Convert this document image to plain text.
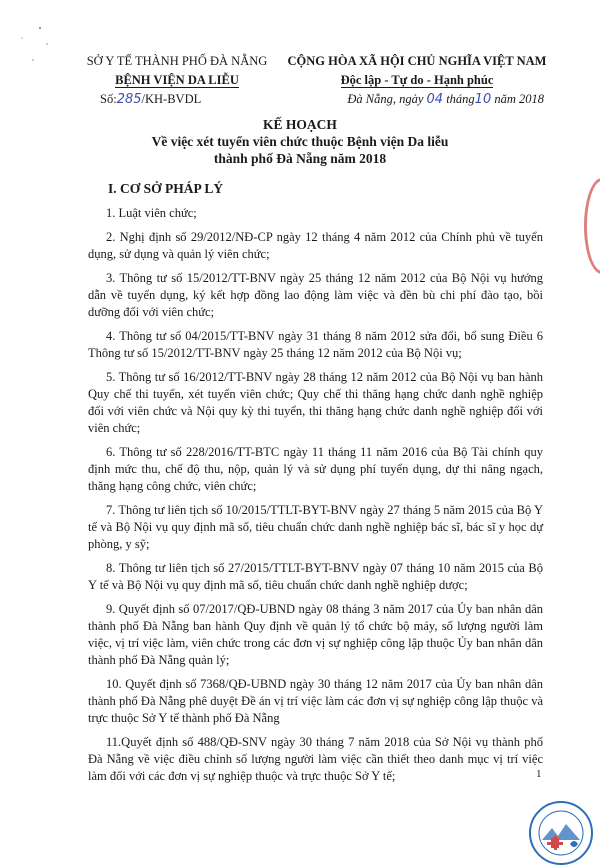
SỞ Y TẾ THÀNH PHỐ ĐÀ NẴNG
BỆNH VIỆN DA LIỄU
Số:285/KH-BVDL
CỘNG HÒA XÃ HỘI CHỦ NGHĨA VIỆT NAM
Độc lập - Tự do - Hạnh phúc
Đà Nẵng, ngày 04 tháng10 năm 2018
KẾ HOẠCH
Về việc xét tuyển viên chức thuộc Bệnh viện Da liễu
thành phố Đà Nẵng năm 2018
I. CƠ SỞ PHÁP LÝ
1. Luật viên chức;
2. Nghị định số 29/2012/NĐ-CP ngày 12 tháng 4 năm 2012 của Chính phủ về tuyển dụng, sử dụng và quản lý viên chức;
3. Thông tư số 15/2012/TT-BNV ngày 25 tháng 12 năm 2012 của Bộ Nội vụ hướng dẫn về tuyển dụng, ký kết hợp đồng lao động làm việc và đền bù chi phí đào tạo, bồi dưỡng đối với viên chức;
4. Thông tư số 04/2015/TT-BNV ngày 31 tháng 8 năm 2012 sửa đổi, bổ sung Điều 6 Thông tư số 15/2012/TT-BNV ngày 25 tháng 12 năm 2012 của Bộ Nội vụ;
5. Thông tư số 16/2012/TT-BNV ngày 28 tháng 12 năm 2012 của Bộ Nội vụ ban hành Quy chế thi tuyển, xét tuyển viên chức; Quy chế thi thăng hạng chức danh nghề nghiệp đối với viên chức và Nội quy kỳ thi tuyển, thi thăng hạng chức danh nghề nghiệp đối với viên chức;
6. Thông tư số 228/2016/TT-BTC ngày 11 tháng 11 năm 2016 của Bộ Tài chính quy định mức thu, chế độ thu, nộp, quản lý và sử dụng phí tuyển dụng, dự thi nâng ngạch, thăng hạng công chức, viên chức;
7. Thông tư liên tịch số 10/2015/TTLT-BYT-BNV ngày 27 tháng 5 năm 2015 của Bộ Y tế và Bộ Nội vụ quy định mã số, tiêu chuẩn chức danh nghề nghiệp bác sĩ, bác sĩ y học dự phòng, y sỹ;
8. Thông tư liên tịch số 27/2015/TTLT-BYT-BNV ngày 07 tháng 10 năm 2015 của Bộ Y tế và Bộ Nội vụ quy định mã số, tiêu chuẩn chức danh nghề nghiệp dược;
9. Quyết định số 07/2017/QĐ-UBND ngày 08 tháng 3 năm 2017 của Ủy ban nhân dân thành phố Đà Nẵng ban hành Quy định về quản lý tổ chức bộ máy, số lượng người làm việc, vị trí việc làm, viên chức trong các đơn vị sự nghiệp công lập thuộc Ủy ban nhân dân thành phố Đà Nẵng quản lý;
10. Quyết định số 7368/QĐ-UBND ngày 30 tháng 12 năm 2017 của Ủy ban nhân dân thành phố Đà Nẵng phê duyệt Đề án vị trí việc làm các đơn vị sự nghiệp công lập thuộc và trực thuộc Sở Y tế thành phố Đà Nẵng
11.Quyết định số 488/QĐ-SNV ngày 30 tháng 7 năm 2018 của Sở Nội vụ thành phố Đà Nẵng về việc điều chỉnh số lượng người làm việc cần thiết theo danh mục vị trí việc làm đối với các đơn vị sự nghiệp thuộc và trực thuộc Sở Y tế;	1
